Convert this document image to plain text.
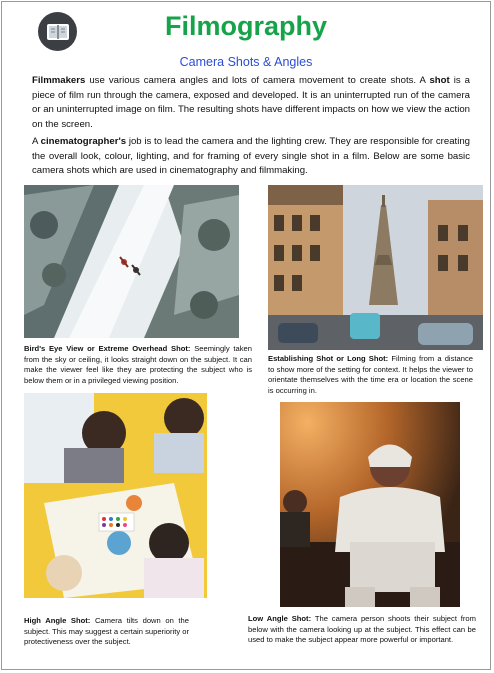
Filmography
Camera Shots & Angles
Filmmakers use various camera angles and lots of camera movement to create shots. A shot is a piece of film run through the camera, exposed and developed. It is an uninterrupted run of the camera or an uninterrupted image on film. The resulting shots have different impacts on how we view the action on the screen.
A cinematographer's job is to lead the camera and the lighting crew. They are responsible for creating the overall look, colour, lighting, and for framing of every single shot in a film. Below are some basic camera shots which are used in cinematography and filmmaking.
Bird's Eye View or Extreme Overhead Shot: Seemingly taken from the sky or ceiling, it looks straight down on the subject. It can make the viewer feel like they are protecting the subject who is below them or in a privileged viewing position.
Establishing Shot or Long Shot: Filming from a distance to show more of the setting for context. It helps the viewer to orientate themselves with the time era or location the scene is occurring in.
High Angle Shot: Camera tilts down on the subject. This may suggest a certain superiority or protectiveness over the subject.
Low Angle Shot: The camera person shoots their subject from below with the camera looking up at the subject. This effect can be used to make the subject appear more powerful or important.
